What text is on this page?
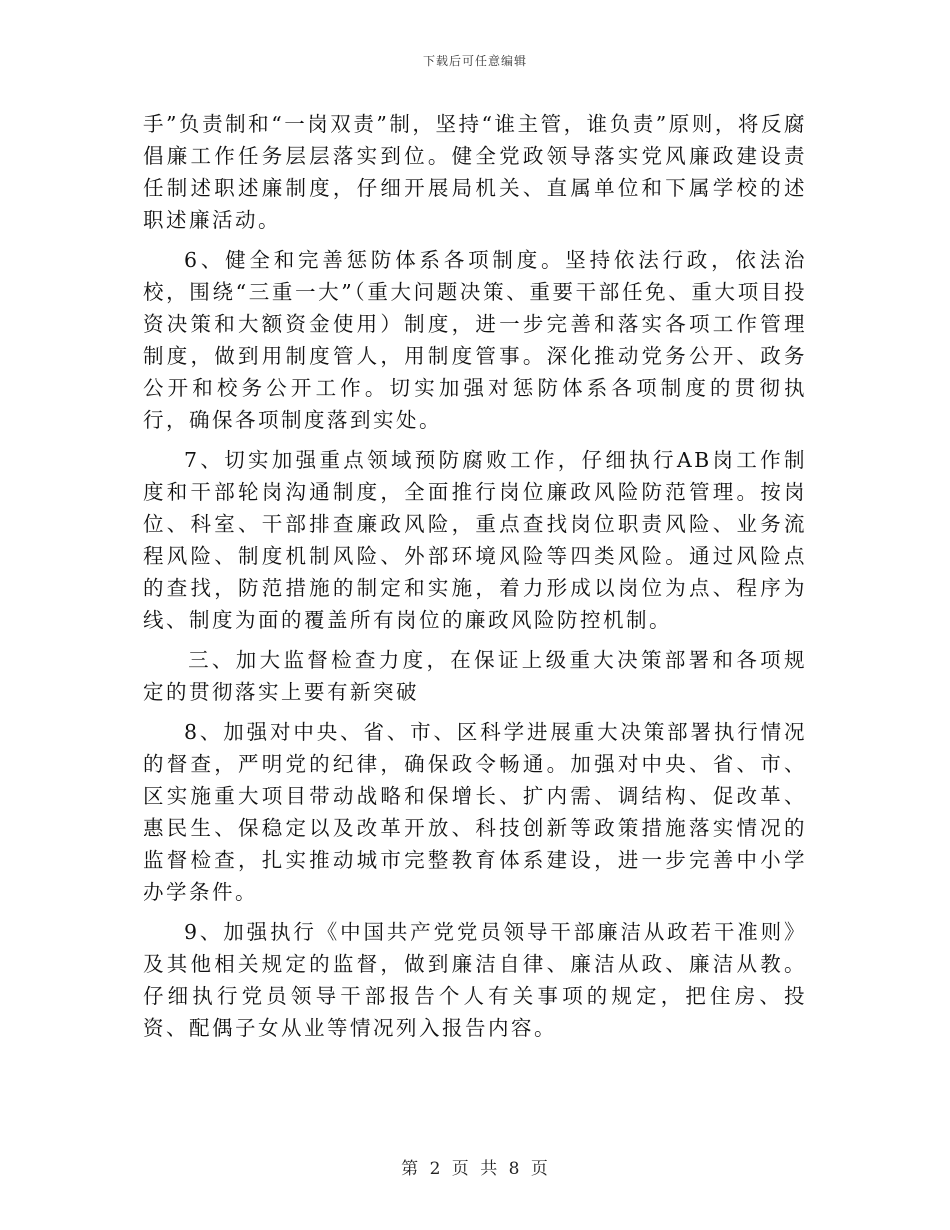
下载后可任意编辑

手”负责制和“一岗双责”制，坚持“谁主管，谁负责”原则，将反腐倡廉工作任务层层落实到位。健全党政领导落实党风廉政建设责任制述职述廉制度，仔细开展局机关、直属单位和下属学校的述职述廉活动。

6、健全和完善惩防体系各项制度。坚持依法行政，依法治校，围绕“三重一大”（重大问题决策、重要干部任免、重大项目投资决策和大额资金使用）制度，进一步完善和落实各项工作管理制度，做到用制度管人，用制度管事。深化推动党务公开、政务公开和校务公开工作。切实加强对惩防体系各项制度的贯彻执行，确保各项制度落到实处。

7、切实加强重点领域预防腐败工作，仔细执行AB岗工作制度和干部轮岗沟通制度，全面推行岗位廉政风险防范管理。按岗位、科室、干部排查廉政风险，重点查找岗位职责风险、业务流程风险、制度机制风险、外部环境风险等四类风险。通过风险点的查找，防范措施的制定和实施，着力形成以岗位为点、程序为线、制度为面的覆盖所有岗位的廉政风险防控机制。

三、加大监督检查力度，在保证上级重大决策部署和各项规定的贯彻落实上要有新突破

8、加强对中央、省、市、区科学进展重大决策部署执行情况的督查，严明党的纪律，确保政令畅通。加强对中央、省、市、区实施重大项目带动战略和保增长、扩内需、调结构、促改革、惠民生、保稳定以及改革开放、科技创新等政策措施落实情况的监督检查，扎实推动城市完整教育体系建设，进一步完善中小学办学条件。

9、加强执行《中国共产党党员领导干部廉洁从政若干准则》及其他相关规定的监督，做到廉洁自律、廉洁从政、廉洁从教。仔细执行党员领导干部报告个人有关事项的规定，把住房、投资、配偶子女从业等情况列入报告内容。

第 2 页 共 8 页
